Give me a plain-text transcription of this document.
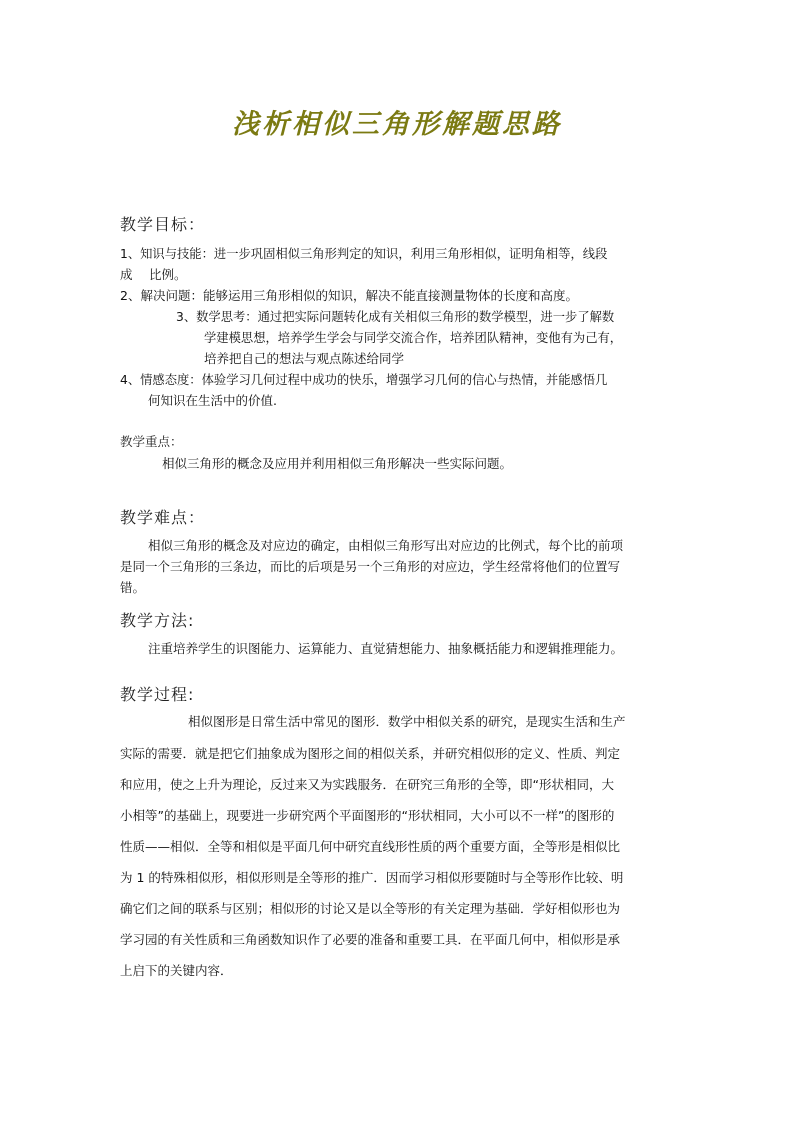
浅析相似三角形解题思路
教学目标：
1、知识与技能：进一步巩固相似三角形判定的知识，利用三角形相似，证明角相等，线段
成　 比例。
2、解决问题：能够运用三角形相似的知识，解决不能直接测量物体的长度和高度。
3、数学思考：通过把实际问题转化成有关相似三角形的数学模型，进一步了解数
学建模思想，培养学生学会与同学交流合作，培养团队精神，变他有为己有，
培养把自己的想法与观点陈述给同学
4、情感态度：体验学习几何过程中成功的快乐，增强学习几何的信心与热情，并能感悟几
何知识在生活中的价值.
教学重点：
相似三角形的概念及应用并利用相似三角形解决一些实际问题。
教学难点：
相似三角形的概念及对应边的确定，由相似三角形写出对应边的比例式，每个比的前项
是同一个三角形的三条边，而比的后项是另一个三角形的对应边，学生经常将他们的位置写
错。
教学方法:
注重培养学生的识图能力、运算能力、直觉猜想能力、抽象概括能力和逻辑推理能力。
教学过程:
相似图形是日常生活中常见的图形．数学中相似关系的研究，是现实生活和生产
实际的需要．就是把它们抽象成为图形之间的相似关系，并研究相似形的定义、性质、判定
和应用，使之上升为理论，反过来又为实践服务．在研究三角形的全等，即“形状相同，大
小相等”的基础上，现要进一步研究两个平面图形的“形状相同，大小可以不一样”的图形的
性质——相似．全等和相似是平面几何中研究直线形性质的两个重要方面，全等形是相似比
为 1 的特殊相似形，相似形则是全等形的推广．因而学习相似形要随时与全等形作比较、明
确它们之间的联系与区别；相似形的讨论又是以全等形的有关定理为基础．学好相似形也为
学习园的有关性质和三角函数知识作了必要的准备和重要工具．在平面几何中，相似形是承
上启下的关键内容．
